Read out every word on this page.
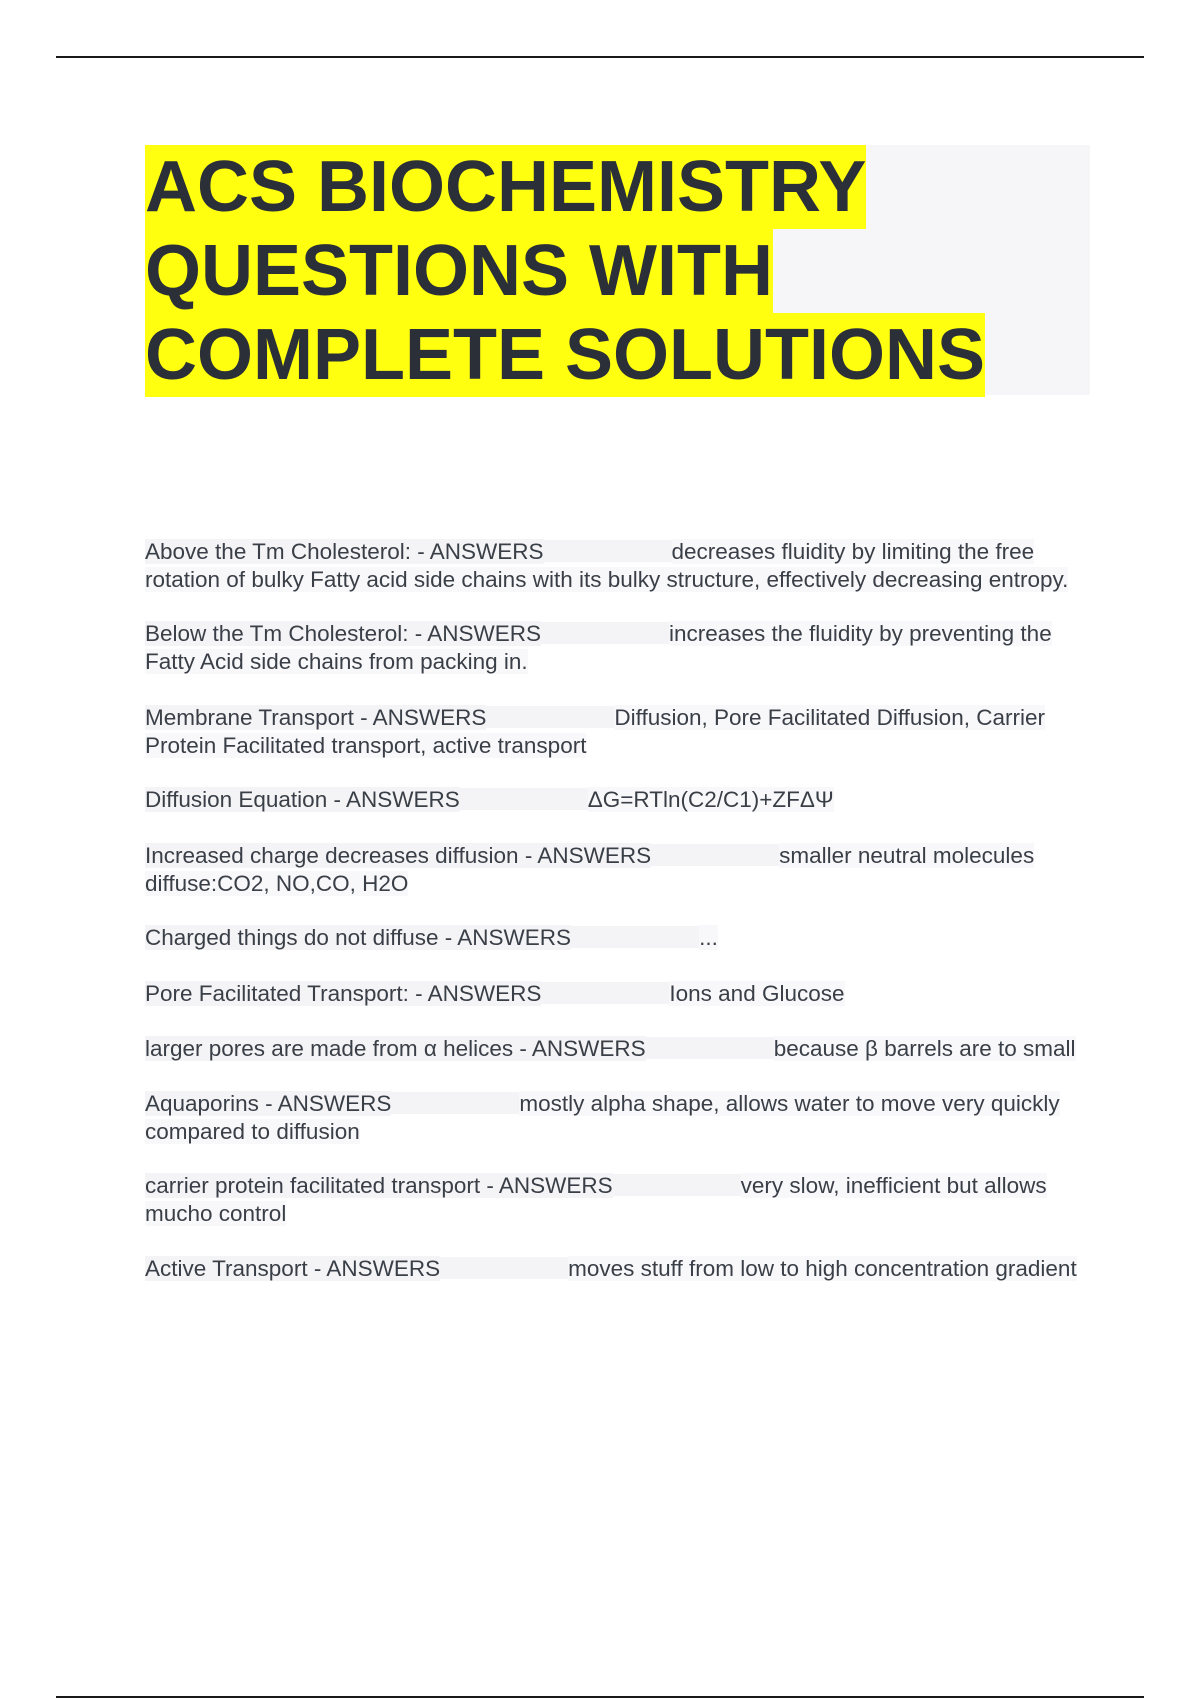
ACS BIOCHEMISTRY
QUESTIONS WITH
COMPLETE SOLUTIONS

Above the Tm Cholesterol: - ANSWERS	decreases fluidity by limiting the free rotation of bulky Fatty acid side chains with its bulky structure, effectively decreasing entropy.

Below the Tm Cholesterol: - ANSWERS	increases the fluidity by preventing the Fatty Acid side chains from packing in.

Membrane Transport - ANSWERS	Diffusion, Pore Facilitated Diffusion, Carrier Protein Facilitated transport, active transport

Diffusion Equation - ANSWERS	ΔG=RTln(C2/C1)+ZFΔΨ

Increased charge decreases diffusion - ANSWERS	smaller neutral molecules diffuse:CO2, NO,CO, H2O

Charged things do not diffuse - ANSWERS	...

Pore Facilitated Transport: - ANSWERS	Ions and Glucose

larger pores are made from α helices - ANSWERS	because β barrels are to small

Aquaporins - ANSWERS	mostly alpha shape, allows water to move very quickly compared to diffusion

carrier protein facilitated transport - ANSWERS	very slow, inefficient but allows mucho control

Active Transport - ANSWERS	moves stuff from low to high concentration gradient
